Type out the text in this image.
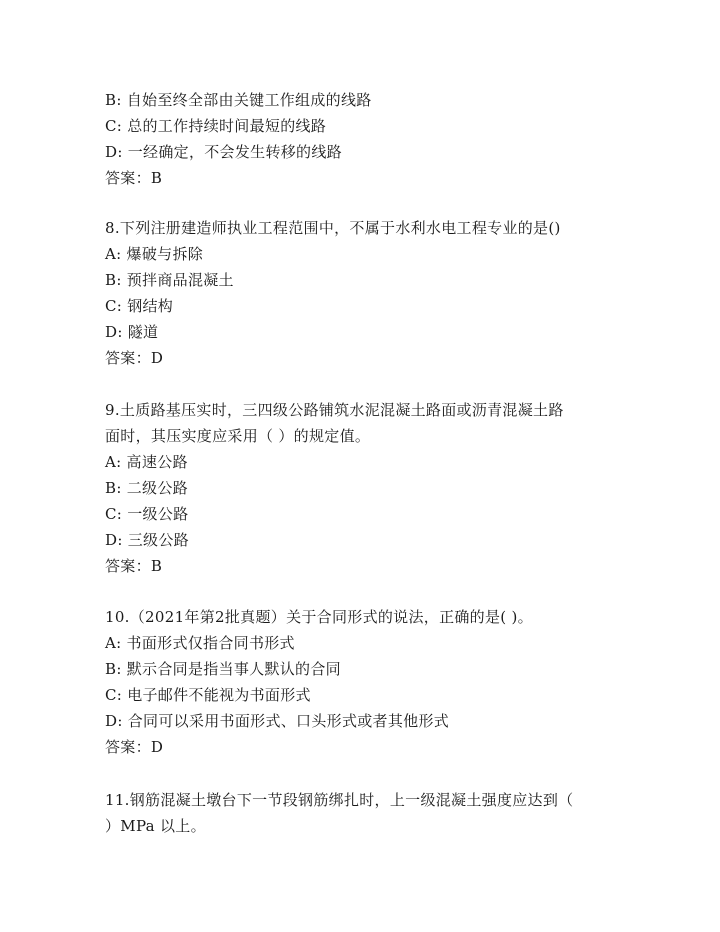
B: 自始至终全部由关键工作组成的线路
C: 总的工作持续时间最短的线路
D: 一经确定，不会发生转移的线路
答案：B
8.下列注册建造师执业工程范围中，不属于水利水电工程专业的是()
A: 爆破与拆除
B: 预拌商品混凝土
C: 钢结构
D: 隧道
答案：D
9.土质路基压实时，三四级公路铺筑水泥混凝土路面或沥青混凝土路
面时，其压实度应采用（ ）的规定值。
A: 高速公路
B: 二级公路
C: 一级公路
D: 三级公路
答案：B
10.（2021年第2批真题）关于合同形式的说法，正确的是( )。
A: 书面形式仅指合同书形式
B: 默示合同是指当事人默认的合同
C: 电子邮件不能视为书面形式
D: 合同可以采用书面形式、口头形式或者其他形式
答案：D
11.钢筋混凝土墩台下一节段钢筋绑扎时，上一级混凝土强度应达到（
）MPa 以上。
